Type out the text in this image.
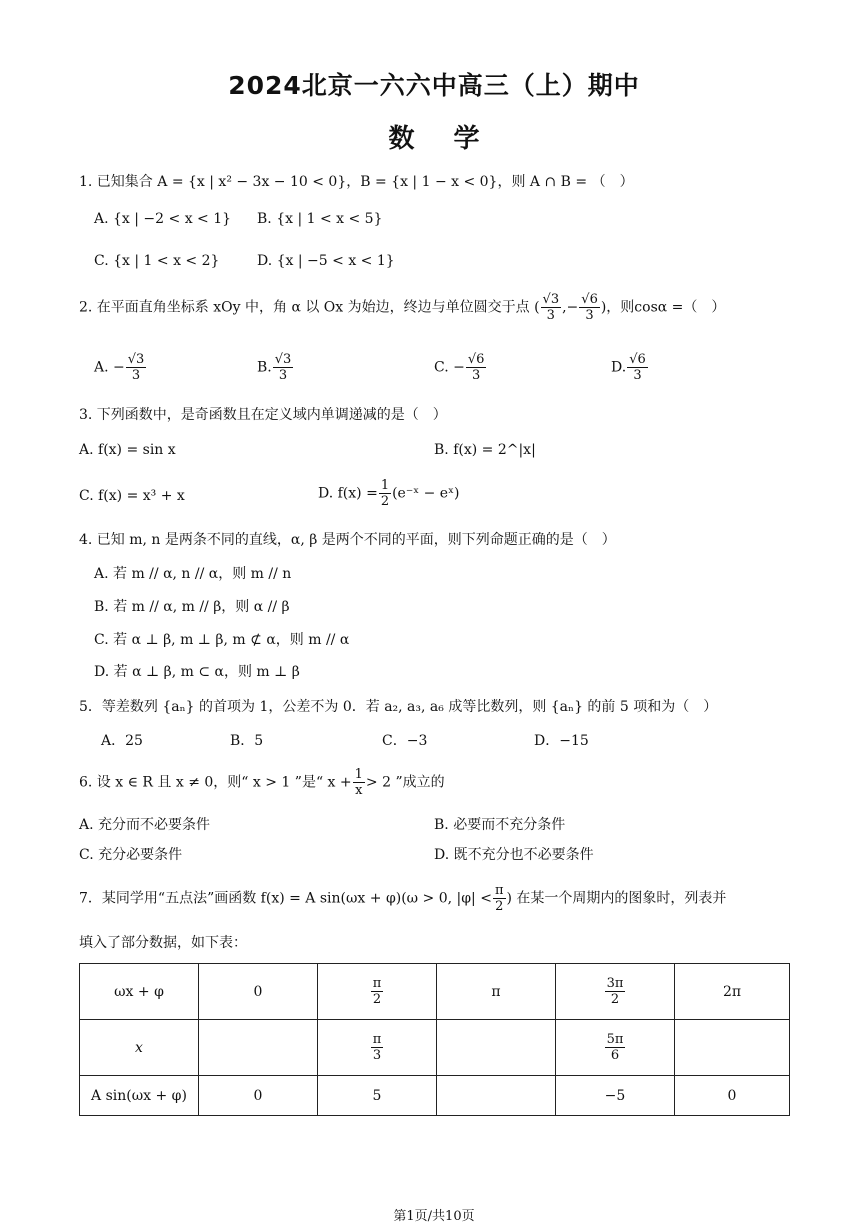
2024北京一六六中高三（上）期中
数 学
1. 已知集合 A = {x | x² − 3x − 10 < 0}，B = {x | 1 − x < 0}，则 A ∩ B = （　）
A. {x | −2 < x < 1} B. {x | 1 < x < 5}
C. {x | 1 < x < 2}	D. {x | −5 < x < 1}
2. 在平面直角坐标系 xOy 中，角 α 以 Ox 为始边，终边与单位圆交于点 ( $\frac{√3}{3}$ ,− $\frac{√6}{3}$ )，则cosα =（　）
A. − $\frac{√3}{3}$	B. $\frac{√3}{3}$	C. − $\frac{√6}{3}$	D. $\frac{√6}{3}$
3. 下列函数中，是奇函数且在定义域内单调递减的是（　）
A. f(x) = sin x	B. f(x) = 2^|x|
C. f(x) = x³ + x	D. $f(x) = \frac{1}{2}$ (e⁻ˣ − eˣ)
4. 已知 m, n 是两条不同的直线，α, β 是两个不同的平面，则下列命题正确的是（　）
A. 若 m // α, n // α，则 m // n
B. 若 m // α, m // β，则 α // β
C. 若 α ⊥ β, m ⊥ β, m ⊄ α，则 m // α
D. 若 α ⊥ β, m ⊂ α，则 m ⊥ β
5．等差数列 {aₙ} 的首项为 1，公差不为 0．若 a₂, a₃, a₆ 成等比数列，则 {aₙ} 的前 5 项和为（　）
A．25	B．5	C．−3	D．−15
6. 设 x ∈ R 且 x ≠ 0，则“ x > 1 ”是“ $x + \frac{1}{x} > 2$ ”成立的
A. 充分而不必要条件	B. 必要而不充分条件
C. 充分必要条件	D. 既不充分也不必要条件
7．某同学用“五点法”画函数 f(x) = A sin(ωx + φ)(ω > 0, $|\varphi| < \frac{\pi}{2}$ ) 在某一个周期内的图象时，列表并
填入了部分数据，如下表：
ωx + φ	0	$\frac{\pi}{2}$	π	$\frac{3\pi}{2}$	2π
x		$\frac{\pi}{3}$		$\frac{5\pi}{6}$

A sin(ωx + φ)	0	5		−5	0
第1页/共10页
